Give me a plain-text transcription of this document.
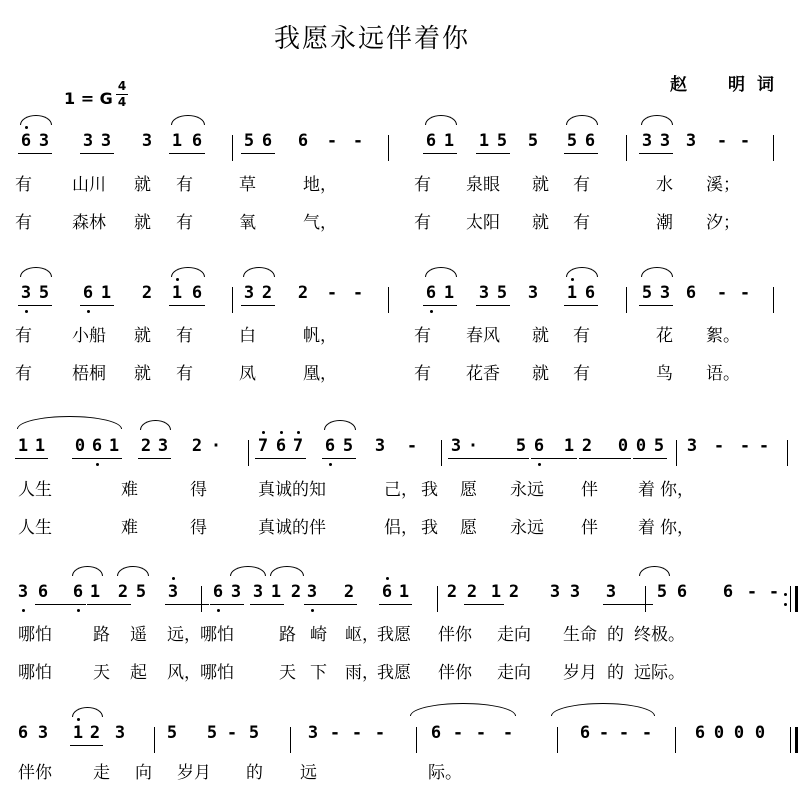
我愿永远伴着你
赵　明词
1 = G
4
4
6 3 3 3 3 1 6 5 6 6 - -	6 1 1 5 5 5 6	3 3 3 - -
有 山川 就 有	草	地，	有 泉眼 就 有	水 溪；
有 森林 就 有	氧	气，	有 太阳 就 有	潮 汐；
3 5 6 1 2 1 6 3 2 2 - -	6 1 3 5 3 1 6	5 3 6 - -
有 小船 就 有	白	帆，	有 春风 就 有	花 絮。
有 梧桐 就 有	凤	凰，	有 花香 就 有	鸟 语。
1 1 0 6 1 2 3 2 · 7 6 7 6 5 3 - 3 · 5 6 1 2 0 0 5 3 - - -
人生	难	得	真诚的知	己， 我 愿 永远 伴 着 你，
人生	难	得	真诚的伴	侣， 我 愿 永远 伴 着 你，
3 6 6 1 2 5 3 6 3 3 1 2 3 2 6 1 2 2 1 2 3 3 3 5 6 6 - -
哪怕 路 遥 远， 哪怕	路 崎 岖，
我愿 伴你 走向 生命 的 终极。
哪怕 天 起 风， 哪怕	天 下 雨，
我愿 伴你 走向 岁月 的 远际。
6 3 1 2 3 5 5 - 5	3 - - -	6 - - -	6 - - -	6 0 0 0
伴你 走 向 岁月 的 远	际。
